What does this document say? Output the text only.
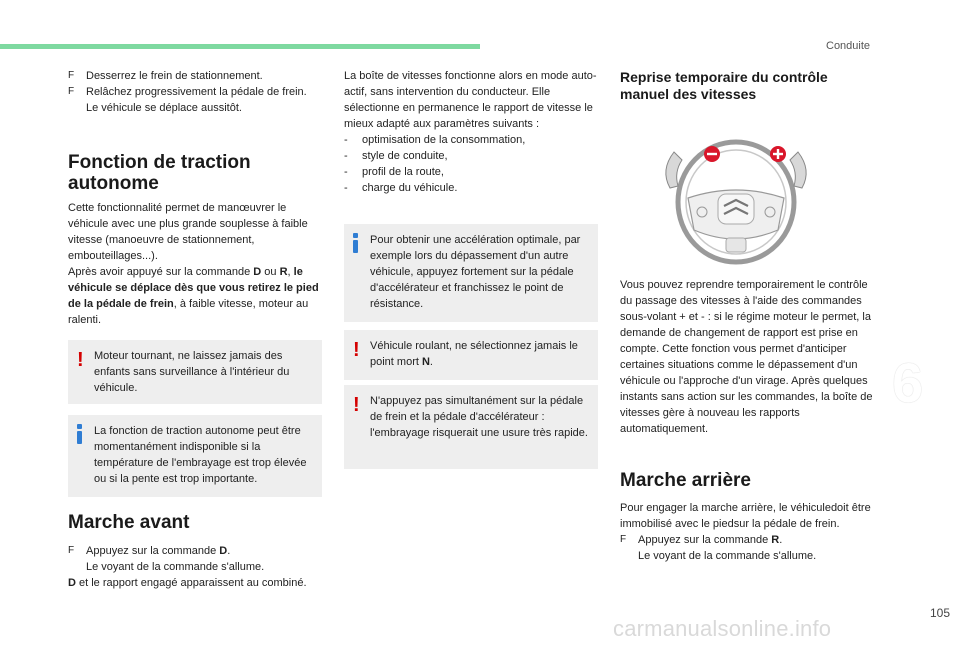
Conduite
F	Desserrez le frein de stationnement.
F	Relâchez progressivement la pédale de frein.
Le véhicule se déplace aussitôt.
Fonction de traction
autonome

Cette fonctionnalité permet de manœuvrer le véhicule avec une plus grande souplesse à faible vitesse (manoeuvre de stationnement, embouteillages...).

Après avoir appuyé sur la commande D ou R, le véhicule se déplace dès que vous retirez le pied de la pédale de frein, à faible vitesse, moteur au ralenti.

! Moteur tournant, ne laissez jamais des enfants sans surveillance à l'intérieur du véhicule.
La fonction de traction autonome peut être momentanément indisponible si la température de l'embrayage est trop élevée ou si la pente est trop importante.
Marche avant
F	Appuyez sur la commande D.
Le voyant de la commande s'allume.

D et le rapport engagé apparaissent au combiné.

La boîte de vitesses fonctionne alors en mode auto-actif, sans intervention du conducteur. Elle sélectionne en permanence le rapport de vitesse le mieux adapté aux paramètres suivants :

-	optimisation de la consommation,
-	style de conduite,
-	profil de la route,
-	charge du véhicule.
Pour obtenir une accélération optimale, par exemple lors du dépassement d'un autre véhicule, appuyez fortement sur la pédale d'accélérateur et franchissez le point de résistance.
! Véhicule roulant, ne sélectionnez jamais le point mort N.
! N'appuyez pas simultanément sur la pédale de frein et la pédale d'accélérateur : l'embrayage risquerait une usure très rapide.
Reprise temporaire du contrôle
manuel des vitesses
Vous pouvez reprendre temporairement le contrôle du passage des vitesses à l'aide des commandes sous-volant + et - : si le régime moteur le permet, la demande de changement de rapport est prise en compte. Cette fonction vous permet d'anticiper certaines situations comme le dépassement d'un véhicule ou l'approche d'un virage. Après quelques instants sans action sur les commandes, la boîte de vitesses gère à nouveau les rapports automatiquement.
Marche arrière

Pour engager la marche arrière, le véhiculedoit être immobilisé avec le piedsur la pédale de frein.

F	Appuyez sur la commande R.
Le voyant de la commande s'allume.
6
105
carmanualsonline.info
